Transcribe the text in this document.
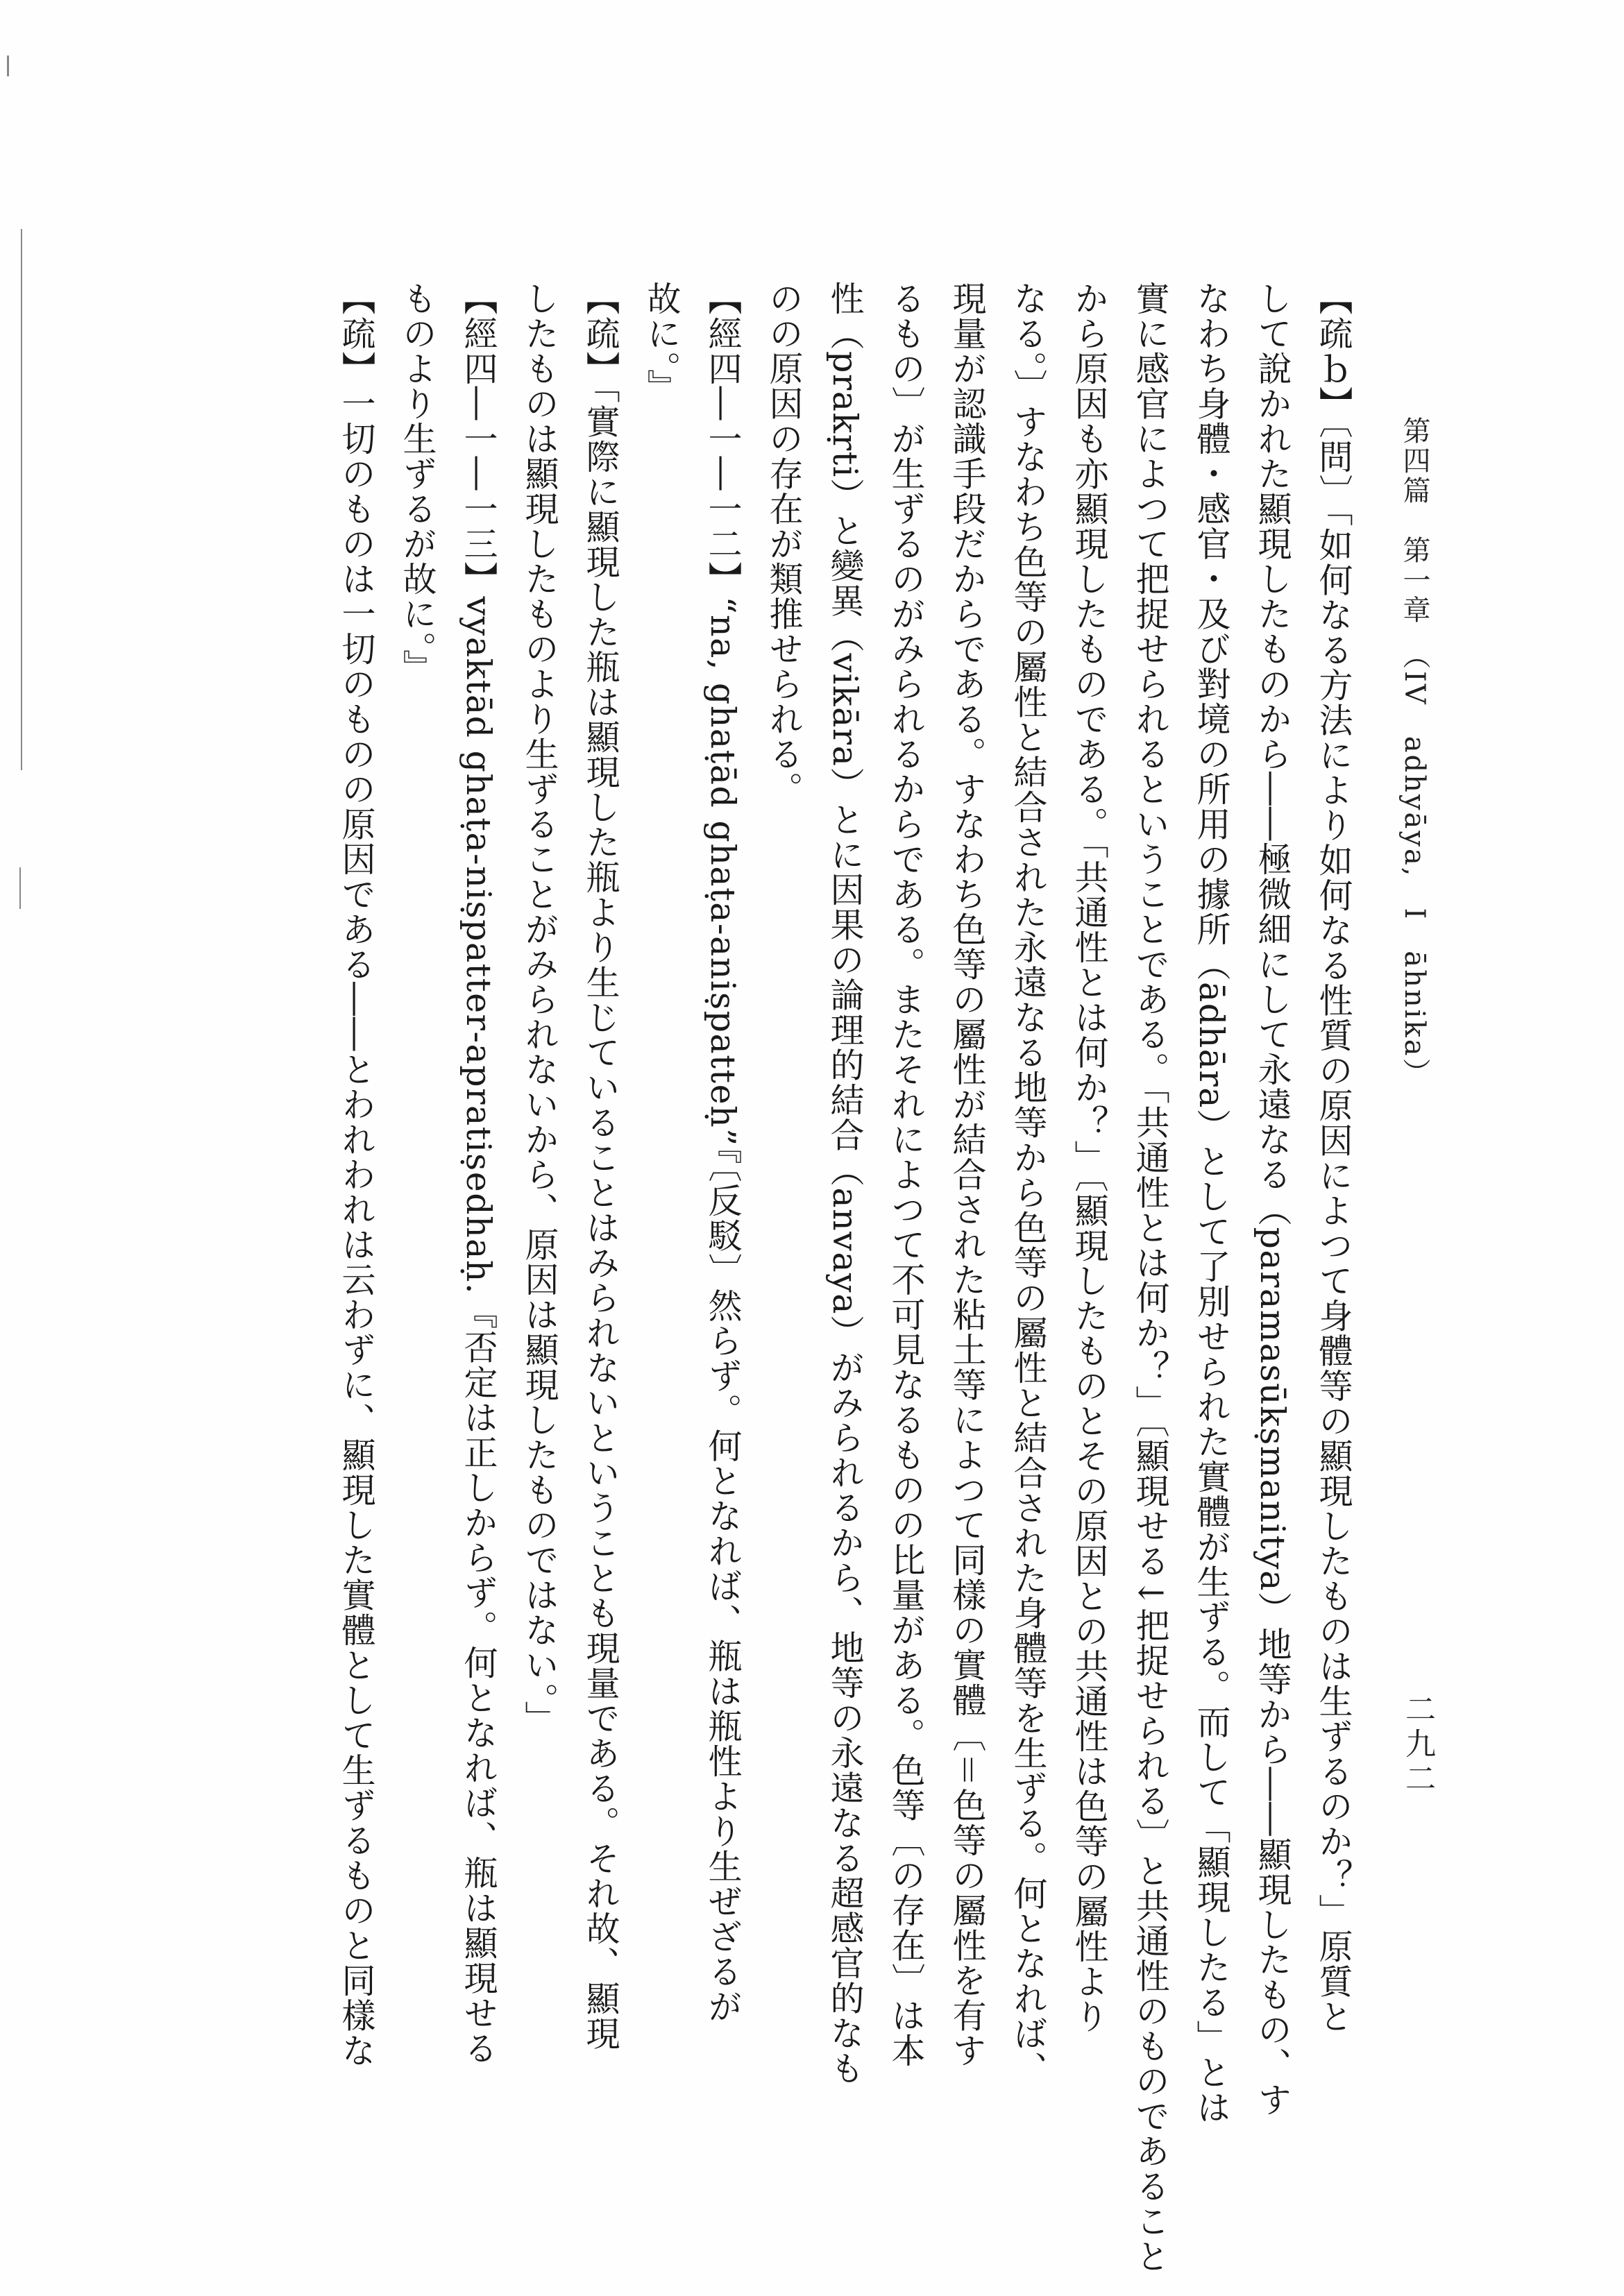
第四篇　第一章　（IV　adhyāya,　I　āhnika）
二九二
【疏ｂ】〔問〕「如何なる方法により如何なる性質の原因によつて身體等の顯現したものは生ずるのか？」原質と
して說かれた顯現したものから――極微細にして永遠なる（paramasūkṣmanitya）地等から――顯現したもの、す
なわち身體・感官・及び對境の所用の據所（ādhāra）として了別せられた實體が生ずる。而して「顯現したる」とは
實に感官によつて把捉せられるということである。「共通性とは何か？」〔顯現せる↓把捉せられる〕と共通性のものであること
から原因も亦顯現したものである。「共通性とは何か？」〔顯現したものとその原因との共通性は色等の屬性より
なる。〕すなわち色等の屬性と結合された永遠なる地等から色等の屬性と結合された身體等を生ずる。何となれば、
現量が認識手段だからである。すなわち色等の屬性が結合された粘土等によつて同樣の實體〔＝色等の屬性を有す
るもの〕が生ずるのがみられるからである。またそれによつて不可見なるものの比量がある。色等〔の存在〕は本
性（prakṛti）と變異（vikāra）とに因果の論理的結合（anvaya）がみられるから、地等の永遠なる超感官的なも
のの原因の存在が類推せられる。
【經四―一―一二】“na, ghaṭād ghaṭa-aniṣpatteḥ”『〔反駁〕然らず。何となれば、瓶は瓶性より生ぜざるが
故に。』
【疏】「實際に顯現した瓶は顯現した瓶より生じていることはみられないということも現量である。それ故、顯現
したものは顯現したものより生ずることがみられないから、原因は顯現したものではない。」
【經四―一―一三】vyaktād ghaṭa-niṣpatter-apratiṣedhaḥ.『否定は正しからず。何となれば、瓶は顯現せる
ものより生ずるが故に。』
【疏】一切のものは一切のものの原因である――とわれわれは云わずに、顯現した實體として生ずるものと同樣な
